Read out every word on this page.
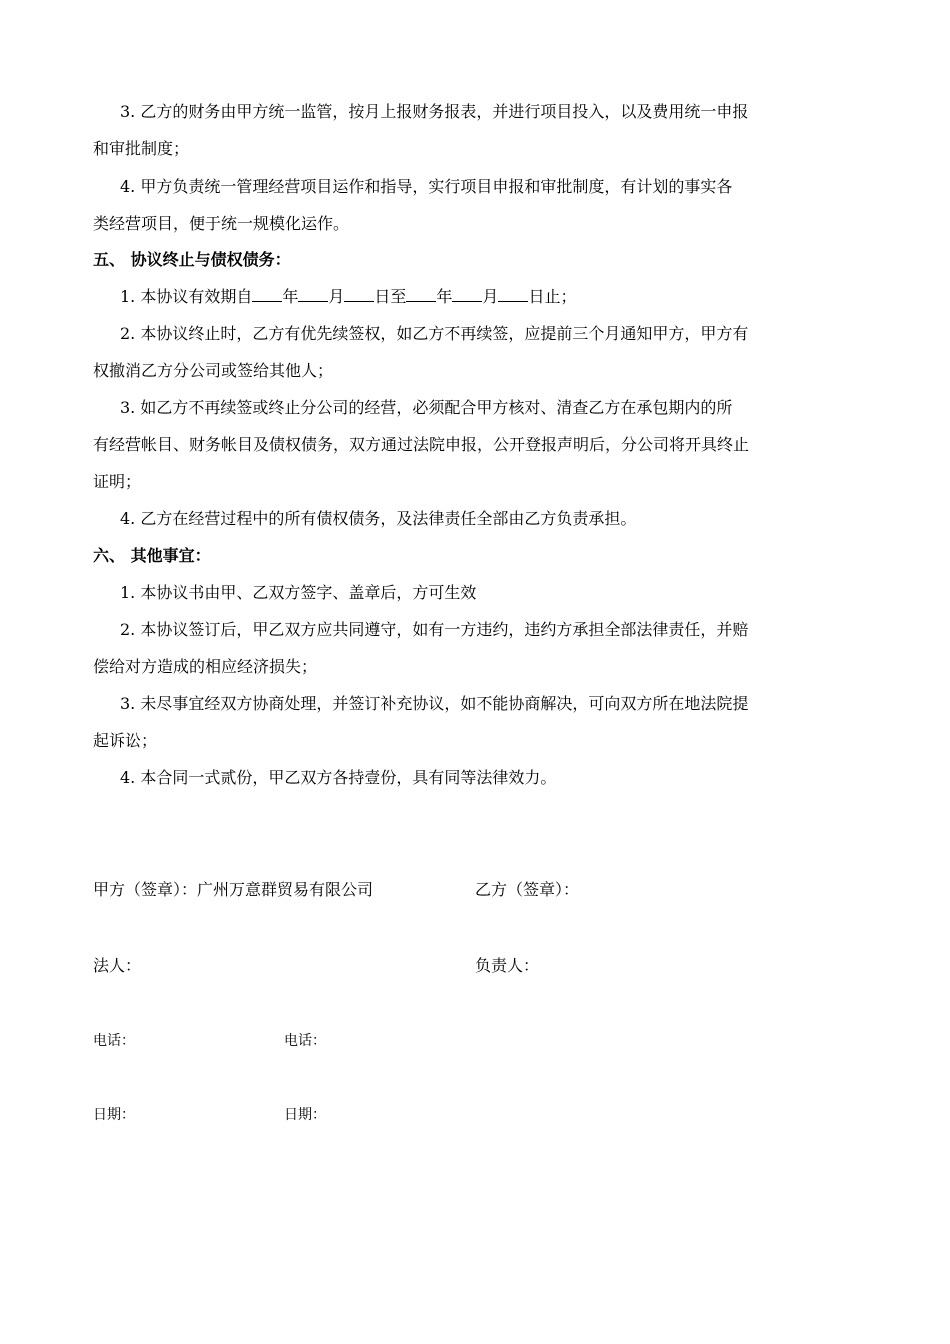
3. 乙方的财务由甲方统一监管，按月上报财务报表，并进行项目投入，以及费用统一申报
和审批制度；
4. 甲方负责统一管理经营项目运作和指导，实行项目申报和审批制度，有计划的事实各
类经营项目，便于统一规模化运作。
五、 协议终止与债权债务：
1. 本协议有效期自 年 月 日至 年 月 日止；
2. 本协议终止时，乙方有优先续签权，如乙方不再续签，应提前三个月通知甲方，甲方有
权撤消乙方分公司或签给其他人；
3. 如乙方不再续签或终止分公司的经营，必须配合甲方核对、清查乙方在承包期内的所
有经营帐目、财务帐目及债权债务，双方通过法院申报，公开登报声明后，分公司将开具终止
证明；
4. 乙方在经营过程中的所有债权债务，及法律责任全部由乙方负责承担。
六、 其他事宜：
1. 本协议书由甲、乙双方签字、盖章后，方可生效
2. 本协议签订后，甲乙双方应共同遵守，如有一方违约，违约方承担全部法律责任，并赔
偿给对方造成的相应经济损失；
3. 未尽事宜经双方协商处理，并签订补充协议，如不能协商解决，可向双方所在地法院提
起诉讼；
4. 本合同一式贰份，甲乙双方各持壹份，具有同等法律效力。
甲方（签章）：广州万意群贸易有限公司	乙方（签章）：
法人：	负责人：
电话：	电话：
日期：	日期：
